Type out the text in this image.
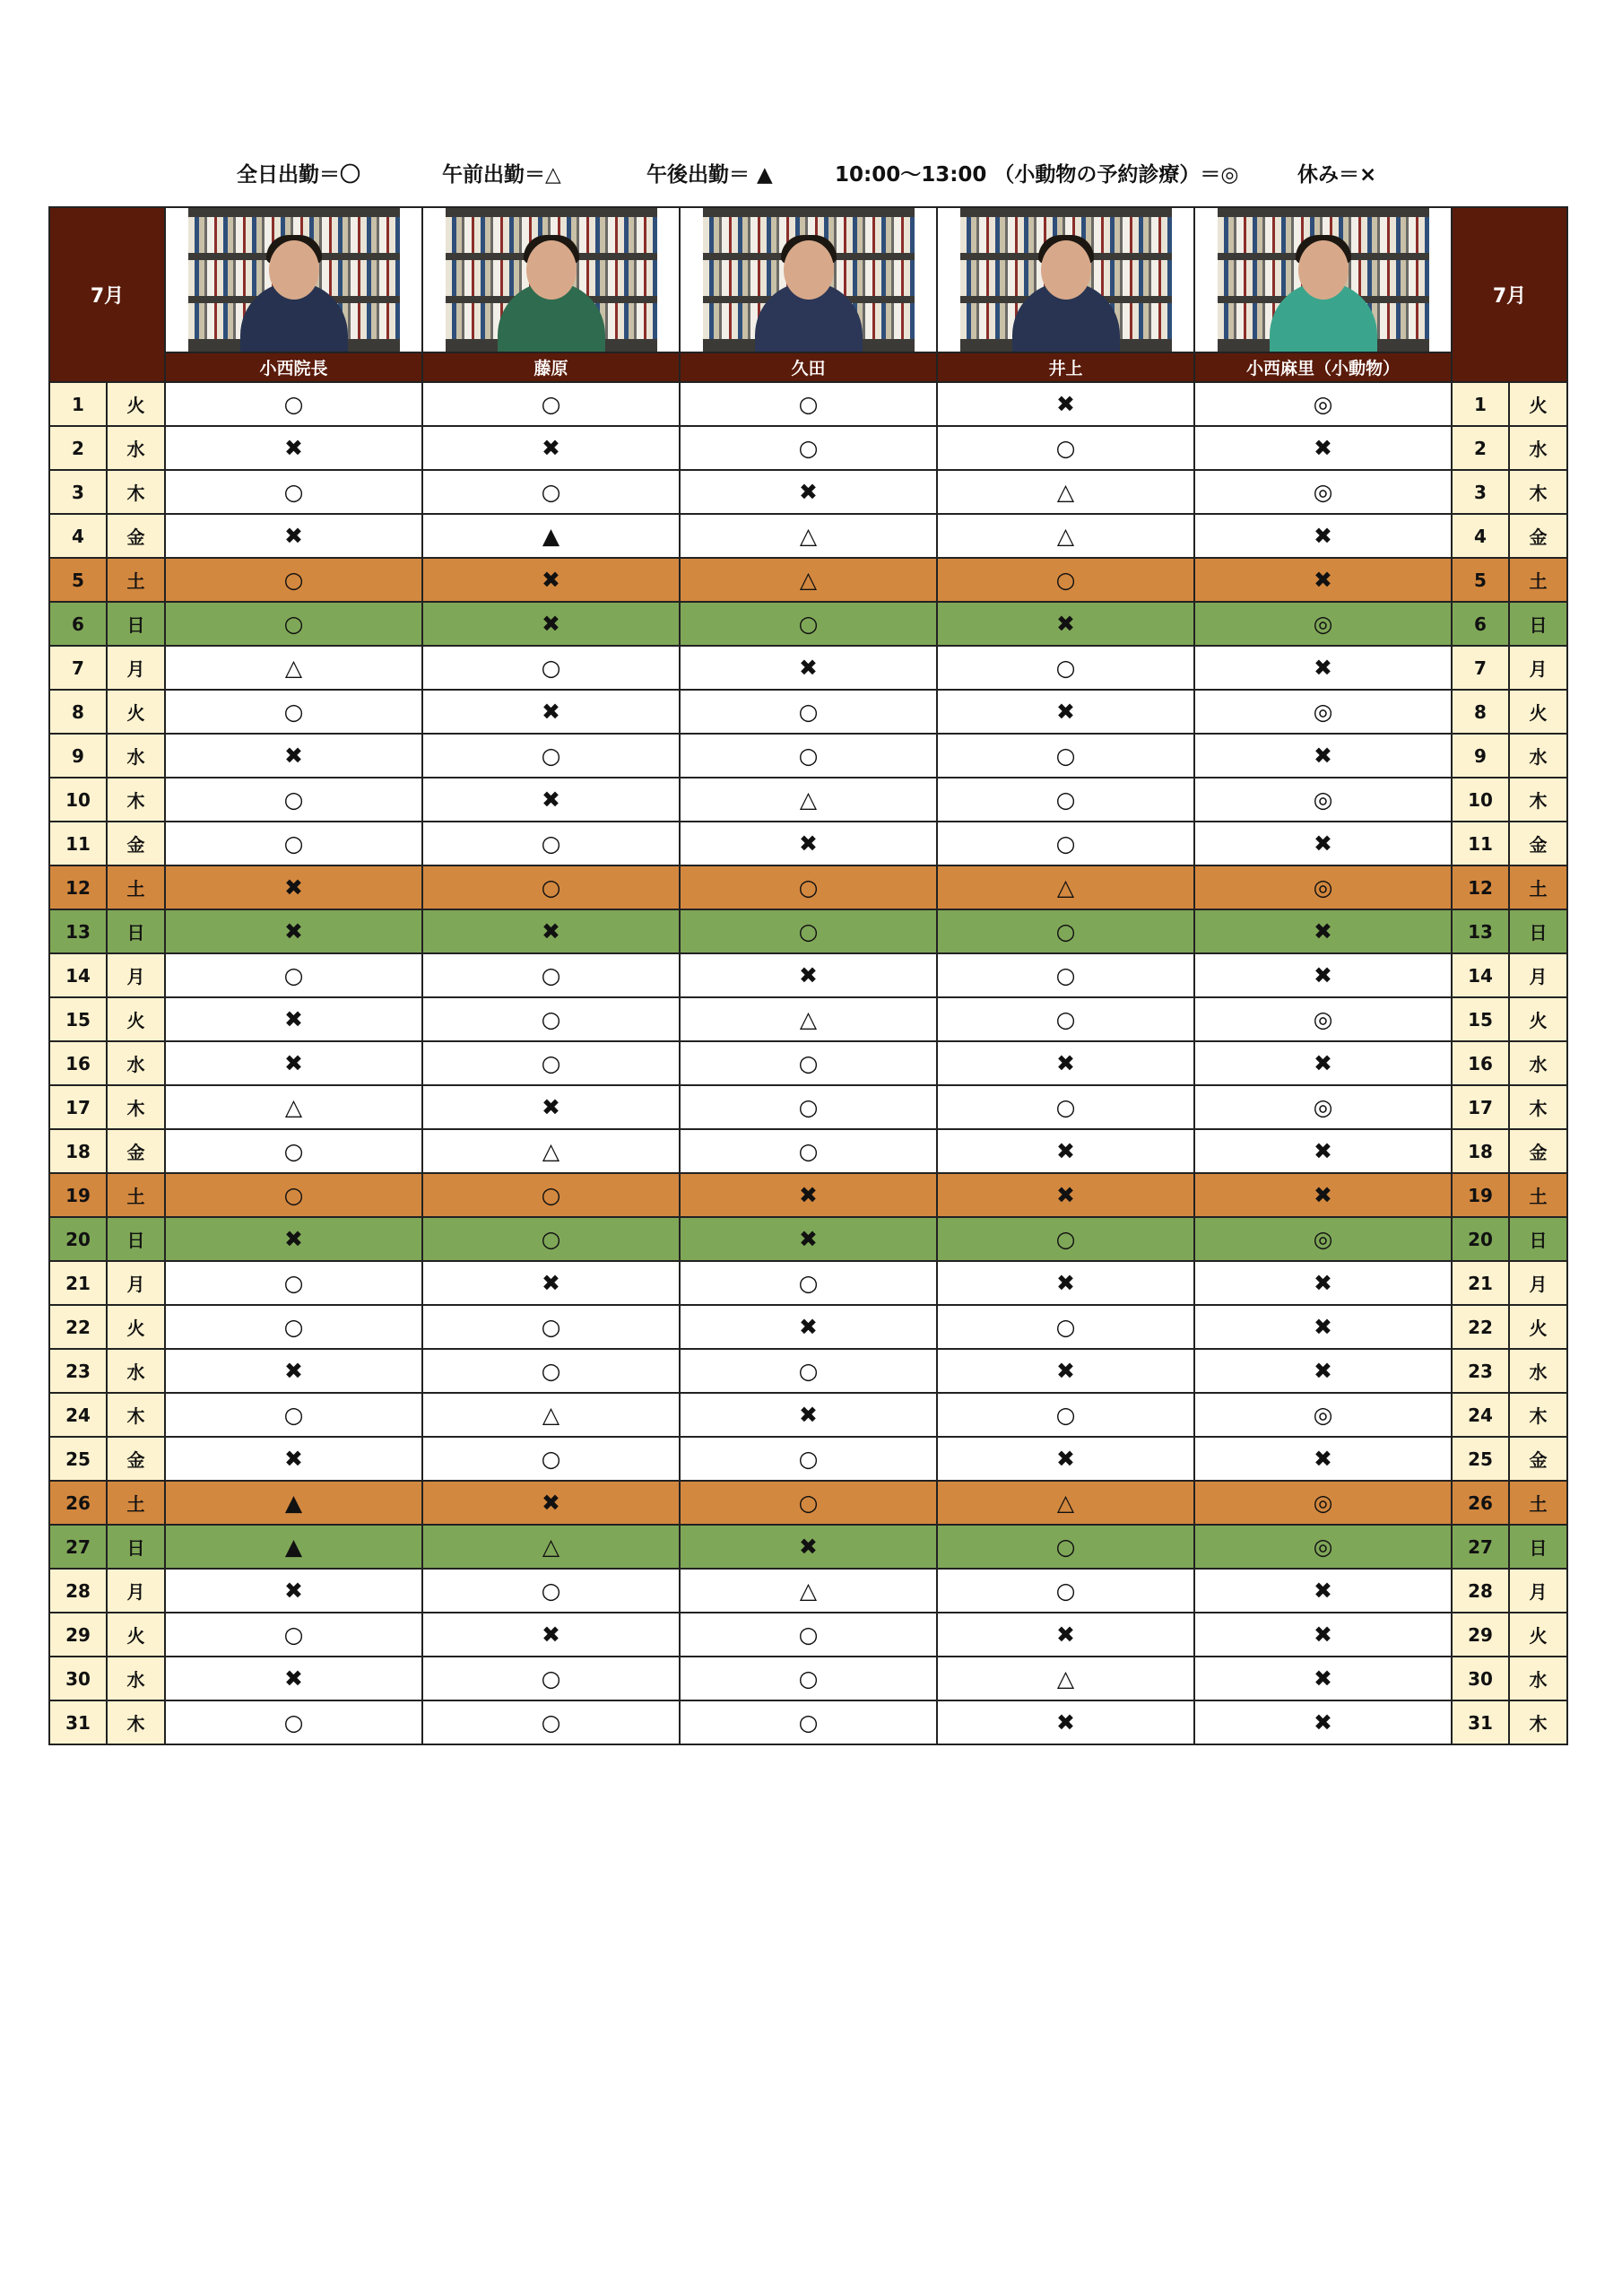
全日出勤＝〇	午前出勤＝△	午後出勤＝ ▲	10:00〜13:00 （小動物の予約診療）＝◎	休み＝×
7月							7月	
		小西院長	藤原	久田	井上	小西麻里（小動物）		
1	火	○	○	○	✖	◎	1	火
2	水	✖	✖	○	○	✖	2	水
3	木	○	○	✖	△	◎	3	木
4	金	✖	▲	△	△	✖	4	金
5	土	○	✖	△	○	✖	5	土
6	日	○	✖	○	✖	◎	6	日
7	月	△	○	✖	○	✖	7	月
8	火	○	✖	○	✖	◎	8	火
9	水	✖	○	○	○	✖	9	水
10	木	○	✖	△	○	◎	10	木
11	金	○	○	✖	○	✖	11	金
12	土	✖	○	○	△	◎	12	土
13	日	✖	✖	○	○	✖	13	日
14	月	○	○	✖	○	✖	14	月
15	火	✖	○	△	○	◎	15	火
16	水	✖	○	○	✖	✖	16	水
17	木	△	✖	○	○	◎	17	木
18	金	○	△	○	✖	✖	18	金
19	土	○	○	✖	✖	✖	19	土
20	日	✖	○	✖	○	◎	20	日
21	月	○	✖	○	✖	✖	21	月
22	火	○	○	✖	○	✖	22	火
23	水	✖	○	○	✖	✖	23	水
24	木	○	△	✖	○	◎	24	木
25	金	✖	○	○	✖	✖	25	金
26	土	▲	✖	○	△	◎	26	土
27	日	▲	△	✖	○	◎	27	日
28	月	✖	○	△	○	✖	28	月
29	火	○	✖	○	✖	✖	29	火
30	水	✖	○	○	△	✖	30	水
31	木	○	○	○	✖	✖	31	木
